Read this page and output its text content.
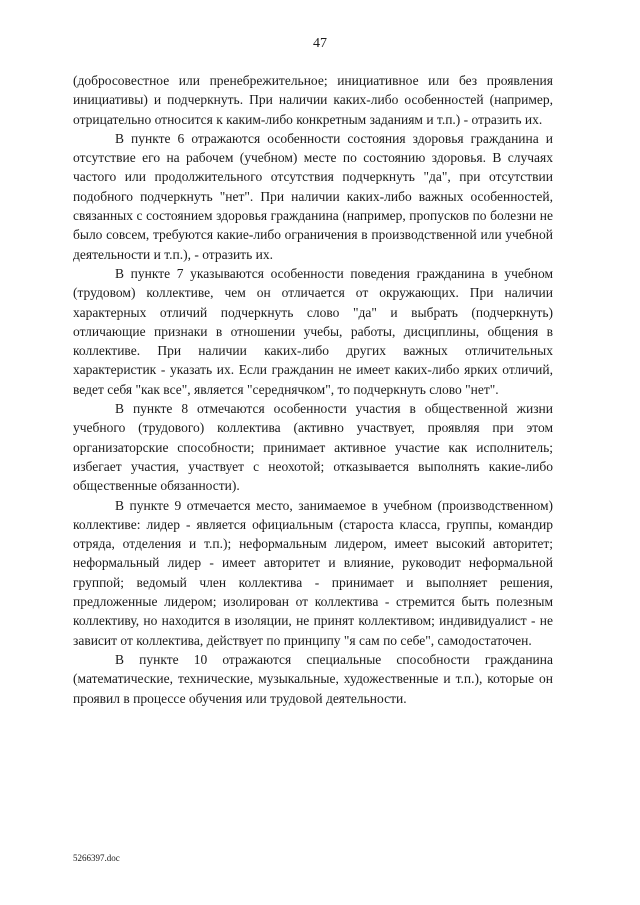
47

(добросовестное или пренебрежительное; инициативное или без проявления инициативы) и подчеркнуть. При наличии каких-либо особенностей (например, отрицательно относится к каким-либо конкретным заданиям и т.п.) - отразить их.

В пункте 6 отражаются особенности состояния здоровья гражданина и отсутствие его на рабочем (учебном) месте по состоянию здоровья. В случаях частого или продолжительного отсутствия подчеркнуть "да", при отсутствии подобного подчеркнуть "нет". При наличии каких-либо важных особенностей, связанных с состоянием здоровья гражданина (например, пропусков по болезни не было совсем, требуются какие-либо ограничения в производственной или учебной деятельности и т.п.), - отразить их.

В пункте 7 указываются особенности поведения гражданина в учебном (трудовом) коллективе, чем он отличается от окружающих. При наличии характерных отличий подчеркнуть слово "да" и выбрать (подчеркнуть) отличающие признаки в отношении учебы, работы, дисциплины, общения в коллективе. При наличии каких-либо других важных отличительных характеристик - указать их. Если гражданин не имеет каких-либо ярких отличий, ведет себя "как все", является "середнячком", то подчеркнуть слово "нет".

В пункте 8 отмечаются особенности участия в общественной жизни учебного (трудового) коллектива (активно участвует, проявляя при этом организаторские способности; принимает активное участие как исполнитель; избегает участия, участвует с неохотой; отказывается выполнять какие-либо общественные обязанности).

В пункте 9 отмечается место, занимаемое в учебном (производственном) коллективе: лидер - является официальным (староста класса, группы, командир отряда, отделения и т.п.); неформальным лидером, имеет высокий авторитет; неформальный лидер - имеет авторитет и влияние, руководит неформальной группой; ведомый член коллектива - принимает и выполняет решения, предложенные лидером; изолирован от коллектива - стремится быть полезным коллективу, но находится в изоляции, не принят коллективом; индивидуалист - не зависит от коллектива, действует по принципу "я сам по себе", самодостаточен.

В пункте 10 отражаются специальные способности гражданина (математические, технические, музыкальные, художественные и т.п.), которые он проявил в процессе обучения или трудовой деятельности.

5266397.doc
